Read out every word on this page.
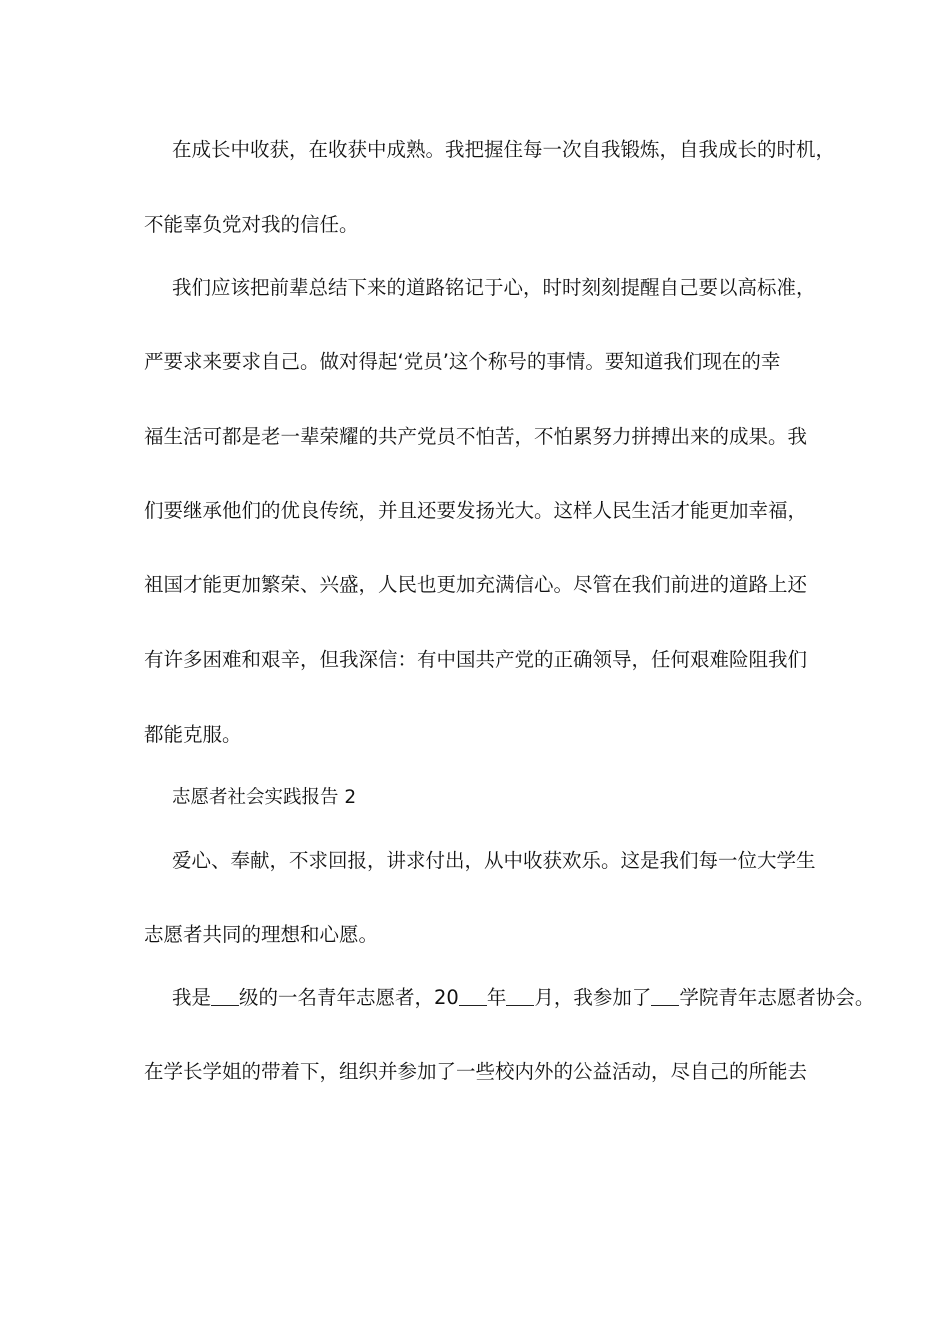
在成长中收获，在收获中成熟。我把握住每一次自我锻炼，自我成长的时机，
不能辜负党对我的信任。
我们应该把前辈总结下来的道路铭记于心，时时刻刻提醒自己要以高标准，
严要求来要求自己。做对得起‘党员’这个称号的事情。要知道我们现在的幸
福生活可都是老一辈荣耀的共产党员不怕苦，不怕累努力拼搏出来的成果。我
们要继承他们的优良传统，并且还要发扬光大。这样人民生活才能更加幸福，
祖国才能更加繁荣、兴盛，人民也更加充满信心。尽管在我们前进的道路上还
有许多困难和艰辛，但我深信：有中国共产党的正确领导，任何艰难险阻我们
都能克服。
志愿者社会实践报告 2
爱心、奉献，不求回报，讲求付出，从中收获欢乐。这是我们每一位大学生
志愿者共同的理想和心愿。
我是 级的一名青年志愿者，20 年 月，我参加了 学院青年志愿者协会。
在学长学姐的带着下，组织并参加了一些校内外的公益活动，尽自己的所能去
